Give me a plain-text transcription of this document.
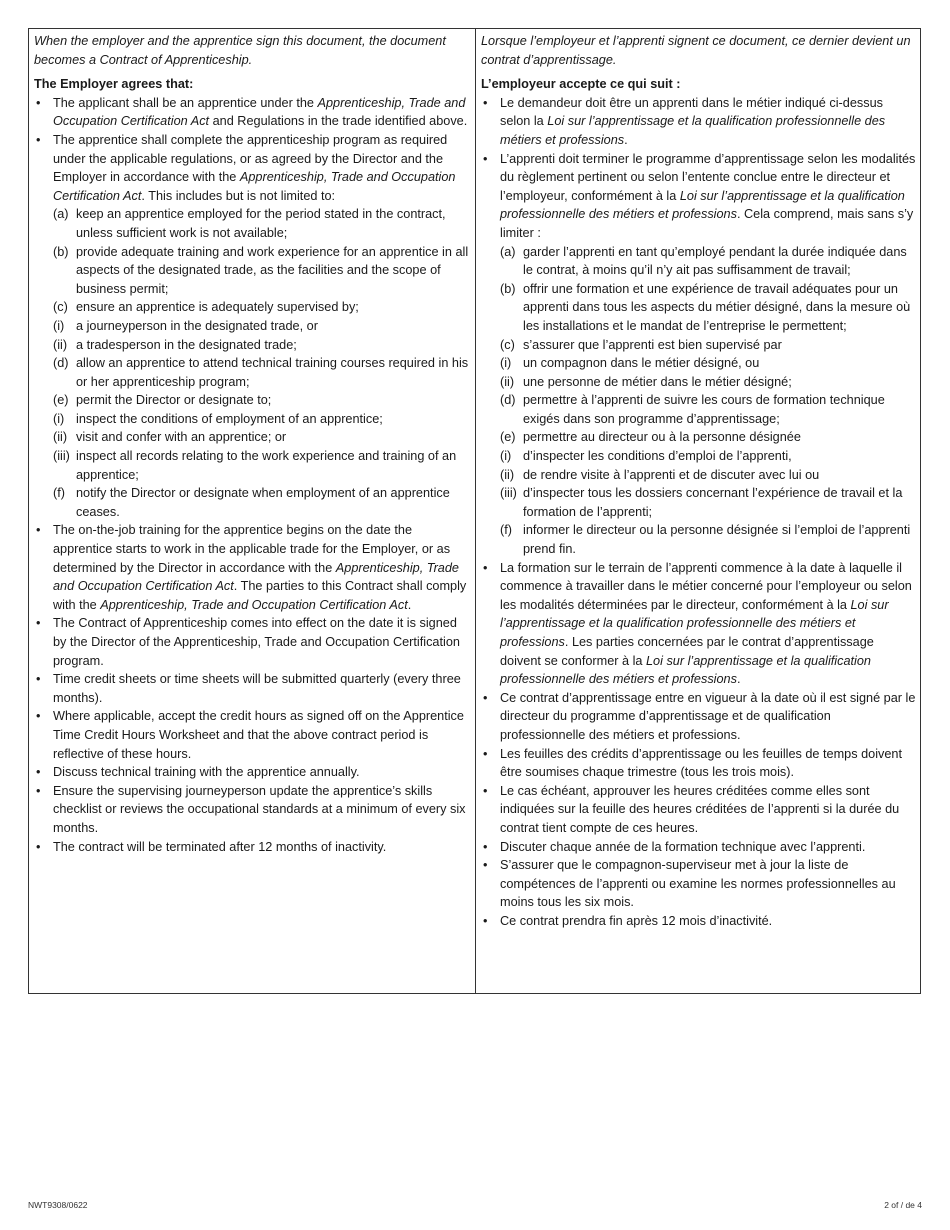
When the employer and the apprentice sign this document, the document becomes a Contract of Apprenticeship.

The Employer agrees that:

• The applicant shall be an apprentice under the Apprenticeship, Trade and Occupation Certification Act and Regulations in the trade identified above.
• The apprentice shall complete the apprenticeship program as required under the applicable regulations, or as agreed by the Director and the Employer in accordance with the Apprenticeship, Trade and Occupation Certification Act. This includes but is not limited to:
(a) keep an apprentice employed for the period stated in the contract, unless sufficient work is not available;
(b) provide adequate training and work experience for an apprentice in all aspects of the designated trade, as the facilities and the scope of business permit;
(c) ensure an apprentice is adequately supervised by;
(i) a journeyperson in the designated trade, or
(ii) a tradesperson in the designated trade;
(d) allow an apprentice to attend technical training courses required in his or her apprenticeship program;
(e) permit the Director or designate to;
(i) inspect the conditions of employment of an apprentice;
(ii) visit and confer with an apprentice; or
(iii) inspect all records relating to the work experience and training of an apprentice;
(f) notify the Director or designate when employment of an apprentice ceases.
• The on-the-job training for the apprentice begins on the date the apprentice starts to work in the applicable trade for the Employer, or as determined by the Director in accordance with the Apprenticeship, Trade and Occupation Certification Act. The parties to this Contract shall comply with the Apprenticeship, Trade and Occupation Certification Act.
• The Contract of Apprenticeship comes into effect on the date it is signed by the Director of the Apprenticeship, Trade and Occupation Certification program.
• Time credit sheets or time sheets will be submitted quarterly (every three months).
• Where applicable, accept the credit hours as signed off on the Apprentice Time Credit Hours Worksheet and that the above contract period is reflective of these hours.
• Discuss technical training with the apprentice annually.
• Ensure the supervising journeyperson update the apprentice’s skills checklist or reviews the occupational standards at a minimum of every six months.
• The contract will be terminated after 12 months of inactivity.

Lorsque l’employeur et l’apprenti signent ce document, ce dernier devient un contrat d’apprentissage.

L’employeur accepte ce qui suit :

• Le demandeur doit être un apprenti dans le métier indiqué ci-dessus selon la Loi sur l’apprentissage et la qualification professionnelle des métiers et professions.
• L’apprenti doit terminer le programme d’apprentissage selon les modalités du règlement pertinent ou selon l’entente conclue entre le directeur et l’employeur, conformément à la Loi sur l’apprentissage et la qualification professionnelle des métiers et professions. Cela comprend, mais sans s’y limiter :
(a) garder l’apprenti en tant qu’employé pendant la durée indiquée dans le contrat, à moins qu’il n’y ait pas suffisamment de travail;
(b) offrir une formation et une expérience de travail adéquates pour un apprenti dans tous les aspects du métier désigné, dans la mesure où les installations et le mandat de l’entreprise le permettent;
(c) s’assurer que l’apprenti est bien supervisé par
(i) un compagnon dans le métier désigné, ou
(ii) une personne de métier dans le métier désigné;
(d) permettre à l’apprenti de suivre les cours de formation technique exigés dans son programme d’apprentissage;
(e) permettre au directeur ou à la personne désignée
(i) d’inspecter les conditions d’emploi de l’apprenti,
(ii) de rendre visite à l’apprenti et de discuter avec lui ou
(iii) d’inspecter tous les dossiers concernant l’expérience de travail et la formation de l’apprenti;
(f) informer le directeur ou la personne désignée si l’emploi de l’apprenti prend fin.
• La formation sur le terrain de l’apprenti commence à la date à laquelle il commence à travailler dans le métier concerné pour l’employeur ou selon les modalités déterminées par le directeur, conformément à la Loi sur l’apprentissage et la qualification professionnelle des métiers et professions. Les parties concernées par le contrat d’apprentissage doivent se conformer à la Loi sur l’apprentissage et la qualification professionnelle des métiers et professions.
• Ce contrat d’apprentissage entre en vigueur à la date où il est signé par le directeur du programme d’apprentissage et de qualification professionnelle des métiers et professions.
• Les feuilles des crédits d’apprentissage ou les feuilles de temps doivent être soumises chaque trimestre (tous les trois mois).
• Le cas échéant, approuver les heures créditées comme elles sont indiquées sur la feuille des heures créditées de l’apprenti si la durée du contrat tient compte de ces heures.
• Discuter chaque année de la formation technique avec l’apprenti.
• S’assurer que le compagnon-superviseur met à jour la liste de compétences de l’apprenti ou examine les normes professionnelles au moins tous les six mois.
• Ce contrat prendra fin après 12 mois d’inactivité.
NWT9308/0622	2 of / de 4
